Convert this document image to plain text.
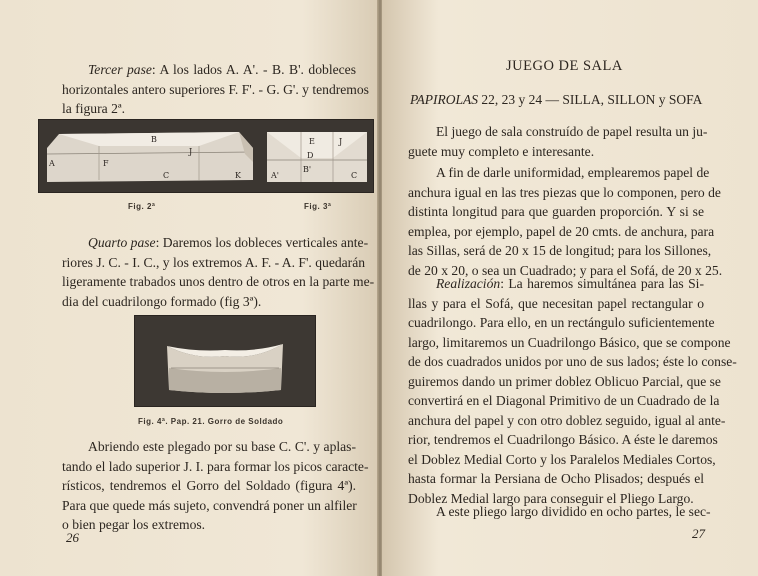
Tercer pase: A los lados A. A'. - B. B'. dobleces
horizontales antero superiores F. F'. - G. G'. y tendremos
la figura 2ª.
B
A	F
J
C	K
E	J
D
B'
A'	C
Fig. 2ª	Fig. 3ª
Quarto pase: Daremos los dobleces verticales ante-
riores J. C. - I. C., y los extremos A. F. - A. F'. quedarán
ligeramente trabados unos dentro de otros en la parte me-
dia del cuadrilongo formado (fig 3ª).
Fig. 4ª. Pap. 21. Gorro de Soldado
Abriendo este plegado por su base C. C'. y aplas-
tando el lado superior J. I. para formar los picos caracte-
rísticos, tendremos el Gorro del Soldado (figura 4ª).
Para que quede más sujeto, convendrá poner un alfiler
o bien pegar los extremos.
26
JUEGO DE SALA
PAPIROLAS 22, 23 y 24 — SILLA, SILLON y SOFA
El juego de sala construído de papel resulta un ju-
guete muy completo e interesante.
A fin de darle uniformidad, emplearemos papel de
anchura igual en las tres piezas que lo componen, pero de
distinta longitud para que guarden proporción. Y si se
emplea, por ejemplo, papel de 20 cmts. de anchura, para
las Sillas, será de 20 x 15 de longitud; para los Sillones,
de 20 x 20, o sea un Cuadrado; y para el Sofá, de 20 x 25.
Realización: La haremos simultánea para las Si-
llas y para el Sofá, que necesitan papel rectangular o
cuadrilongo. Para ello, en un rectángulo suficientemente
largo, limitaremos un Cuadrilongo Básico, que se compone
de dos cuadrados unidos por uno de sus lados; éste lo conse-
guiremos dando un primer doblez Oblicuo Parcial, que se
convertirá en el Diagonal Primitivo de un Cuadrado de la
anchura del papel y con otro doblez seguido, igual al ante-
rior, tendremos el Cuadrilongo Básico. A éste le daremos
el Doblez Medial Corto y los Paralelos Mediales Cortos,
hasta formar la Persiana de Ocho Plisados; después el
Doblez Medial largo para conseguir el Pliego Largo.
A este pliego largo dividido en ocho partes, le sec-
27
